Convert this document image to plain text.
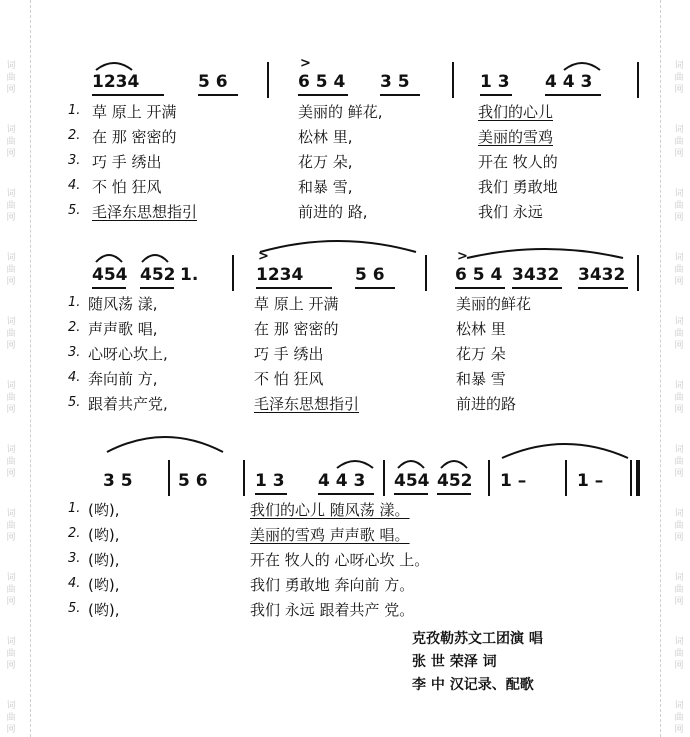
词曲网
词曲网
词曲网
词曲网
词曲网
词曲网
词曲网
词曲网
词曲网
词曲网
词曲网
词曲网
词曲网
词曲网
词曲网
词曲网
词曲网
词曲网
词曲网
词曲网
词曲网
词曲网
1234	5 6	6 5 4 3 5	1 3 4 4 3
>
1. 草 原上 开满	美丽的 鲜花,	我们的心儿
2. 在 那 密密的	松林 里,	美丽的雪鸡
3. 巧 手 绣出	花万 朵,	开在 牧人的
4. 不 怕 狂风	和暴 雪,	我们 勇敢地
5. 毛泽东思想指引	前进的 路,	我们 永远
454 452 1.	1234	5 6	6 5 4 3432 3432
>	>
1. 随风荡 漾,	草 原上 开满	美丽的鲜花
2. 声声歌 唱,	在 那 密密的	松林 里
3. 心呀心坎上,	巧 手 绣出	花万 朵
4. 奔向前 方,	不 怕 狂风	和暴 雪
5. 跟着共产党,	毛泽东思想指引	前进的路
3 5	5 6	1 3 4 4 3 454 452 1 –	1 –
1. (哟),	我们的心儿 随风荡 漾。
2. (哟),	美丽的雪鸡 声声歌 唱。
3. (哟),	开在 牧人的 心呀心坎 上。
4. (哟),	我们 勇敢地 奔向前 方。
5. (哟),	我们 永远 跟着共产 党。
克孜勒苏文工团演 唱
张 世 荣泽 词
李 中 汉记录、配歌
